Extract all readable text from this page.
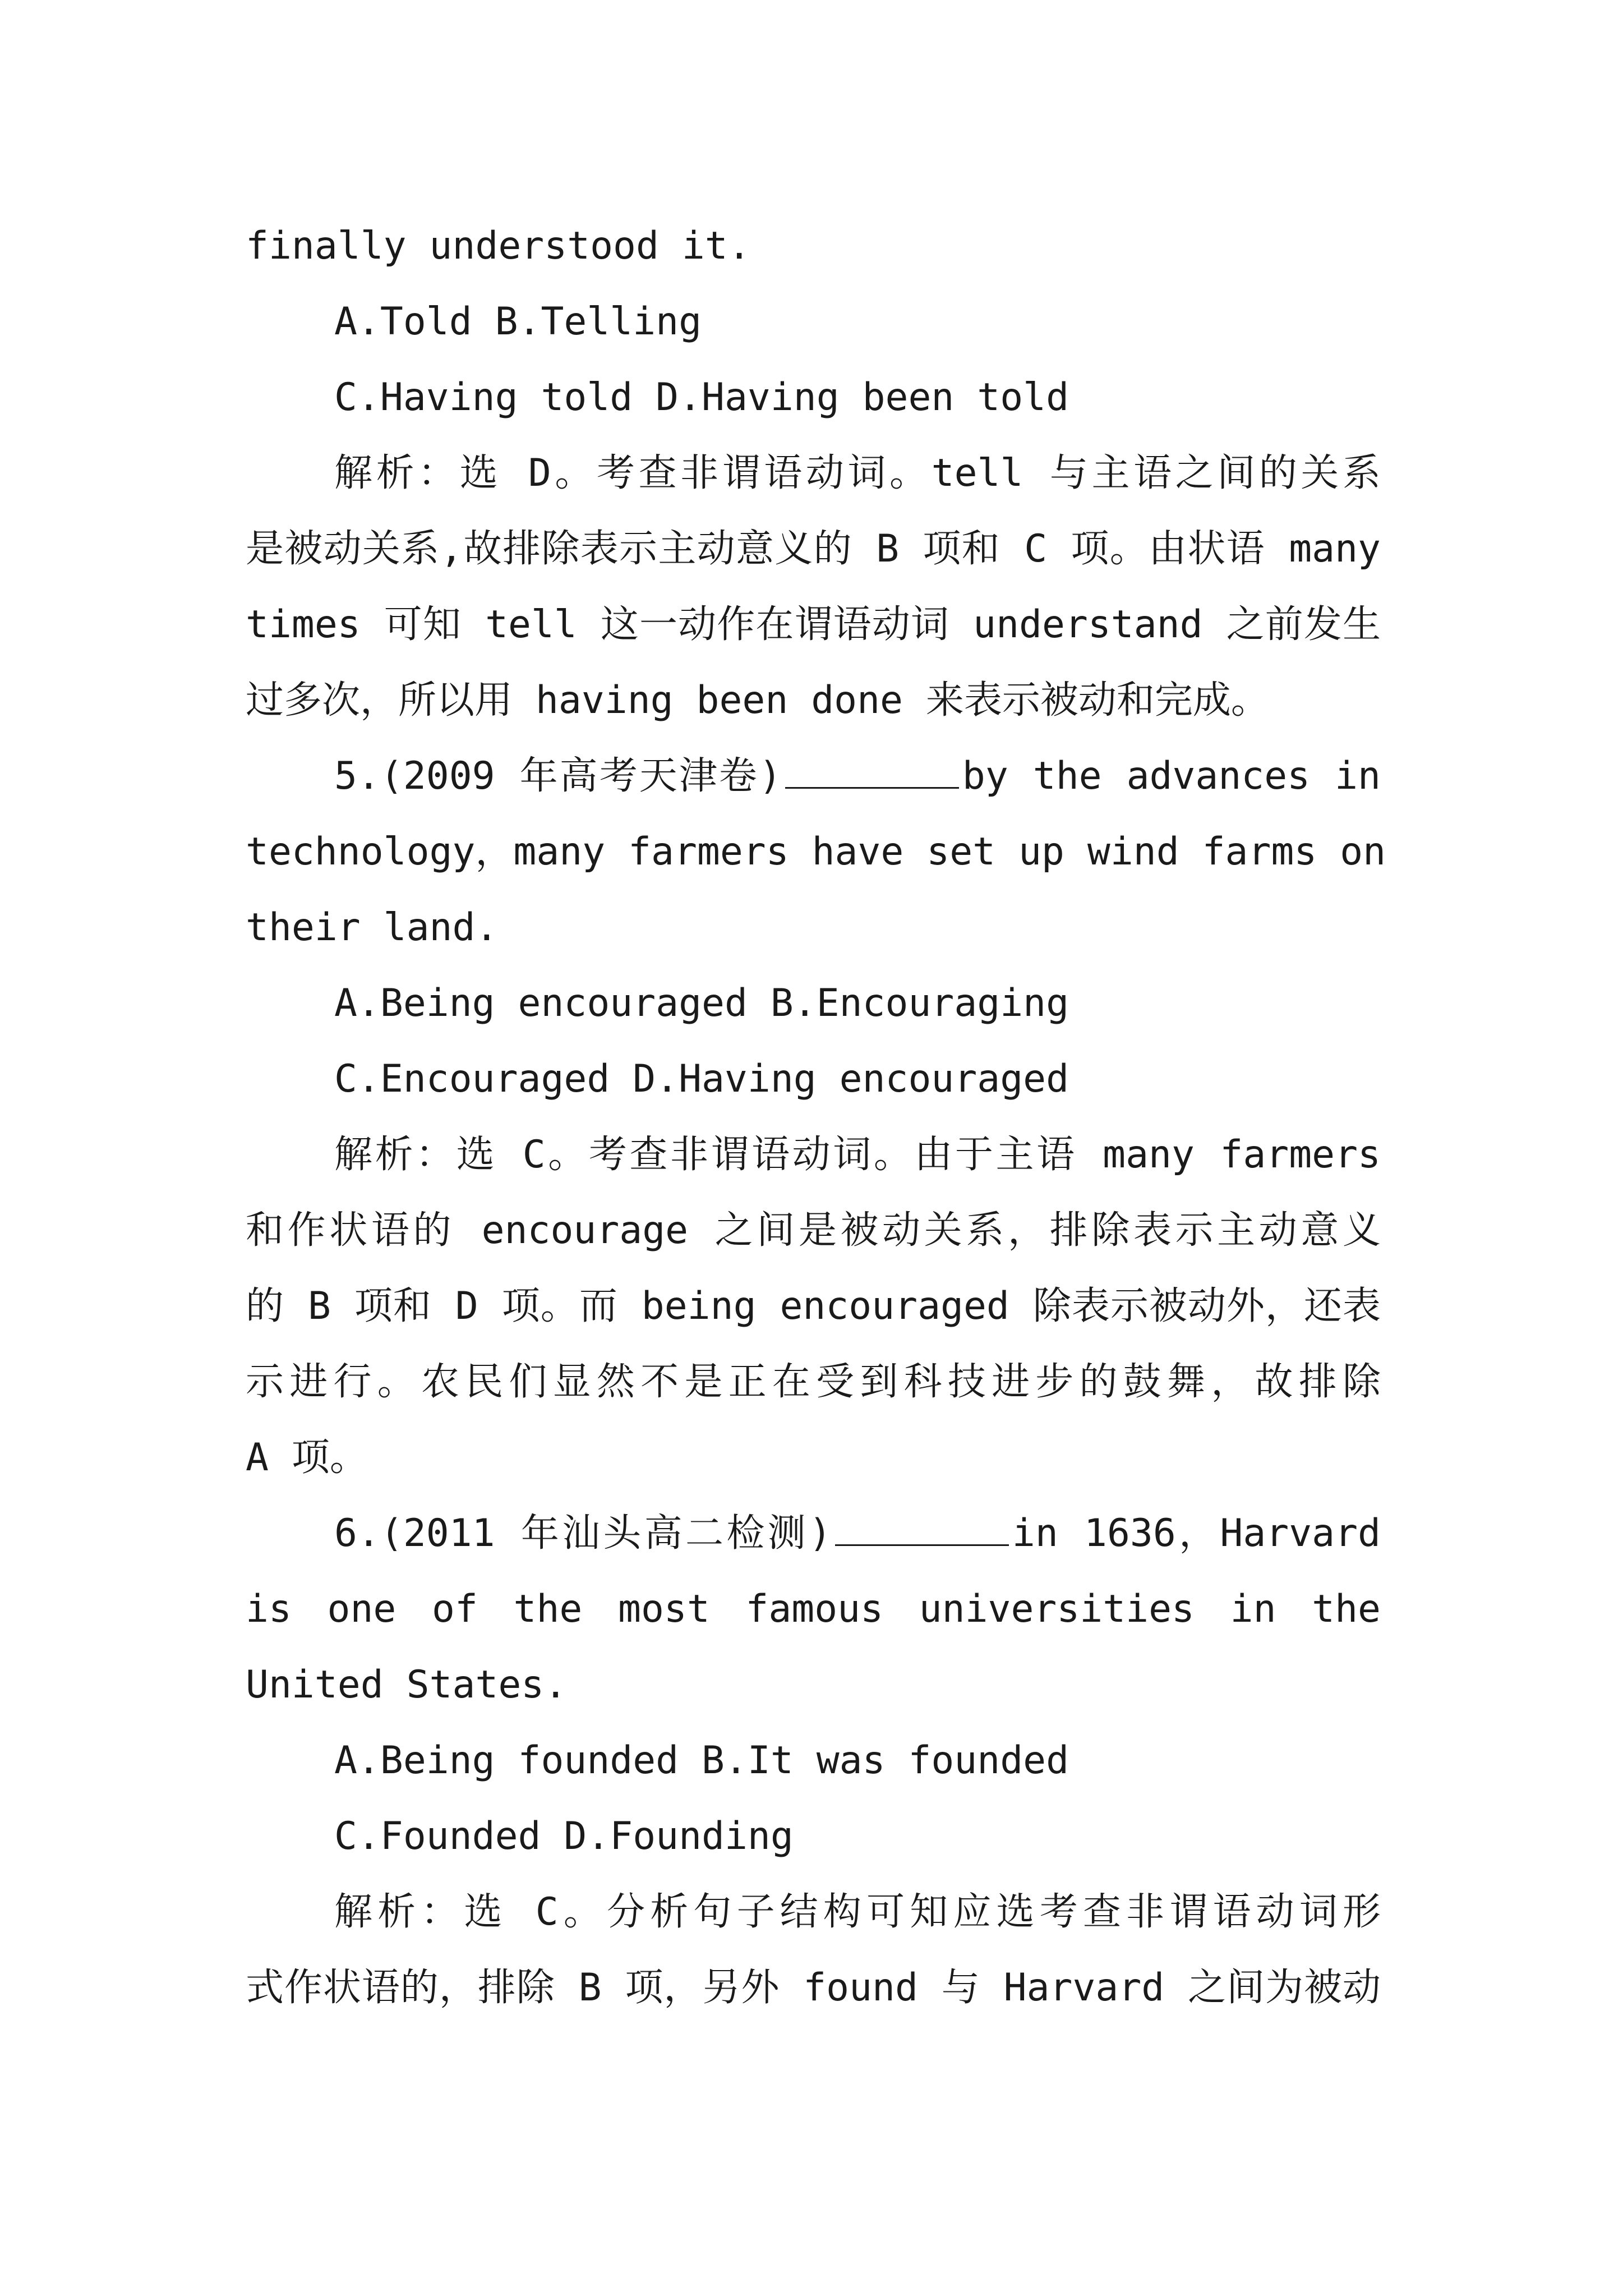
finally understood it.
A.Told B.Telling
C.Having told D.Having been told
解析：选 D。考查非谓语动词。tell 与主语之间的关系
是被动关系,故排除表示主动意义的 B 项和 C 项。由状语 many
times 可知 tell 这一动作在谓语动词 understand 之前发生
过多次，所以用 having been done 来表示被动和完成。
5.(2009 年高考天津卷)	by the advances in
technology，many farmers have set up wind farms on
their land.
A.Being encouraged B.Encouraging
C.Encouraged D.Having encouraged
解析：选 C。考查非谓语动词。由于主语 many farmers
和作状语的 encourage 之间是被动关系，排除表示主动意义
的 B 项和 D 项。而 being encouraged 除表示被动外，还表
示进行。农民们显然不是正在受到科技进步的鼓舞，故排除
A 项。
6.(2011 年汕头高二检测)	in 1636，Harvard
is one of the most famous universities in the
United States.
A.Being founded B.It was founded
C.Founded D.Founding
解析：选 C。分析句子结构可知应选考查非谓语动词形
式作状语的，排除 B 项，另外 found 与 Harvard 之间为被动
